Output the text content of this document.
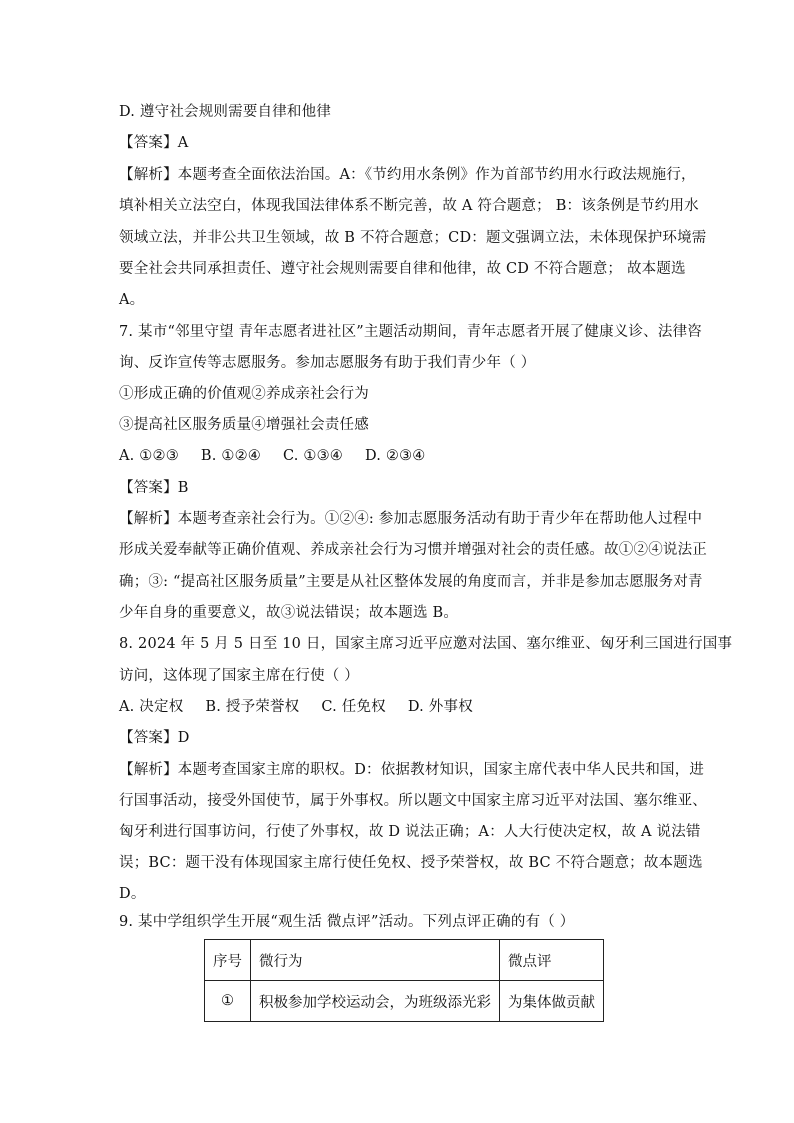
D. 遵守社会规则需要自律和他律
【答案】A
【解析】本题考查全面依法治国。A：《节约用水条例》作为首部节约用水行政法规施行，
填补相关立法空白，体现我国法律体系不断完善，故 A 符合题意； B：该条例是节约用水
领域立法，并非公共卫生领域，故 B 不符合题意；CD：题文强调立法，未体现保护环境需
要全社会共同承担责任、遵守社会规则需要自律和他律，故 CD 不符合题意； 故本题选
A。
7. 某市“邻里守望 青年志愿者进社区”主题活动期间，青年志愿者开展了健康义诊、法律咨
询、反诈宣传等志愿服务。参加志愿服务有助于我们青少年（ ）
①形成正确的价值观②养成亲社会行为
③提高社区服务质量④增强社会责任感
A. ①②③ B. ①②④ C. ①③④ D. ②③④
【答案】B
【解析】本题考查亲社会行为。①②④: 参加志愿服务活动有助于青少年在帮助他人过程中
形成关爱奉献等正确价值观、养成亲社会行为习惯并增强对社会的责任感。故①②④说法正
确；③: “提高社区服务质量”主要是从社区整体发展的角度而言，并非是参加志愿服务对青
少年自身的重要意义，故③说法错误；故本题选 B。
8. 2024 年 5 月 5 日至 10 日，国家主席习近平应邀对法国、塞尔维亚、匈牙利三国进行国事
访问，这体现了国家主席在行使（ ）
A. 决定权 B. 授予荣誉权 C. 任免权 D. 外事权
【答案】D
【解析】本题考查国家主席的职权。D：依据教材知识，国家主席代表中华人民共和国，进
行国事活动，接受外国使节，属于外事权。所以题文中国家主席习近平对法国、塞尔维亚、
匈牙利进行国事访问，行使了外事权，故 D 说法正确；A：人大行使决定权，故 A 说法错
误；BC：题干没有体现国家主席行使任免权、授予荣誉权，故 BC 不符合题意；故本题选
D。
9. 某中学组织学生开展“观生活 微点评”活动。下列点评正确的有（ ）
序号	微行为	微点评
①	积极参加学校运动会，为班级添光彩	为集体做贡献
